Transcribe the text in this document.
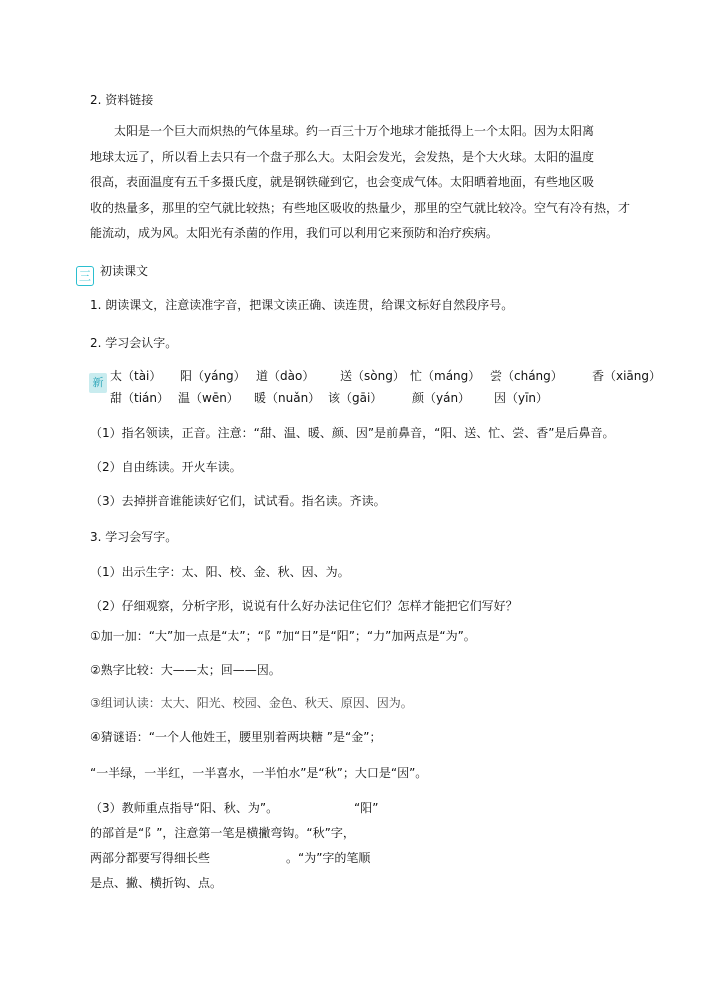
2. 资料链接
太阳是一个巨大而炽热的气体星球。约一百三十万个地球才能抵得上一个太阳。因为太阳离
地球太远了，所以看上去只有一个盘子那么大。太阳会发光，会发热，是个大火球。太阳的温度
很高，表面温度有五千多摄氏度，就是钢铁碰到它，也会变成气体。太阳晒着地面，有些地区吸
收的热量多，那里的空气就比较热；有些地区吸收的热量少，那里的空气就比较冷。空气有冷有热，才
能流动，成为风。太阳光有杀菌的作用，我们可以利用它来预防和治疗疾病。
三 初读课文
1. 朗读课文，注意读准字音，把课文读正确、读连贯，给课文标好自然段序号。
2. 学习会认字。
新 太（tài） 阳（yáng） 道（dào） 送（sòng） 忙（máng） 尝（cháng） 香（xiāng）
甜（tián） 温（wēn） 暖（nuǎn） 该（gāi） 颜（yán） 因（yīn）
（1）指名领读，正音。注意：“甜、温、暖、颜、因”是前鼻音，“阳、送、忙、尝、香”是后鼻音。
（2）自由练读。开火车读。
（3）去掉拼音谁能读好它们，试试看。指名读。齐读。
3. 学习会写字。
（1）出示生字：太、阳、校、金、秋、因、为。
（2）仔细观察，分析字形，说说有什么好办法记住它们？怎样才能把它们写好？
①加一加：“大”加一点是“太”；“阝”加“日”是“阳”；“力”加两点是“为”。
②熟字比较：大——太；回——因。
③组词认读：太大、阳光、校园、金色、秋天、原因、因为。
④猜谜语：“一个人他姓王，腰里别着两块糖 ”是“金”；
“一半绿，一半红，一半喜水，一半怕水”是“秋”；大口是“因”。
（3）教师重点指导“阳、秋、为”。	“阳”
的部首是“阝”，注意第一笔是横撇弯钩。“秋”字，
两部分都要写得细长些	。“为”字的笔顺
是点、撇、横折钩、点。
